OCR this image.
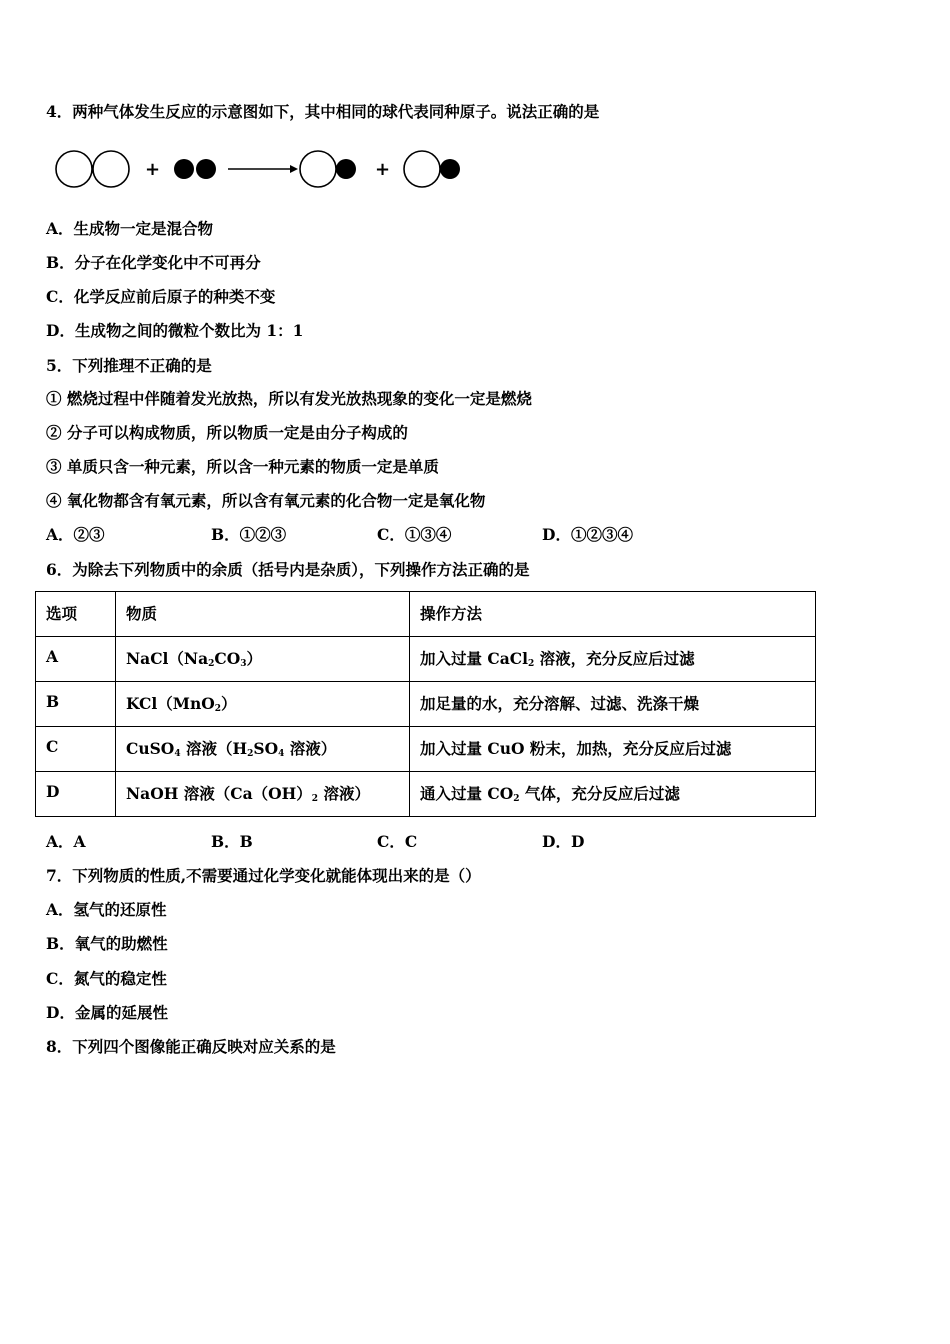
4．两种气体发生反应的示意图如下，其中相同的球代表同种原子。说法正确的是
+	+
A．生成物一定是混合物
B．分子在化学变化中不可再分
C．化学反应前后原子的种类不变
D．生成物之间的微粒个数比为 1：1
5．下列推理不正确的是
① 燃烧过程中伴随着发光放热，所以有发光放热现象的变化一定是燃烧
② 分子可以构成物质，所以物质一定是由分子构成的
③ 单质只含一种元素，所以含一种元素的物质一定是单质
④ 氧化物都含有氧元素，所以含有氧元素的化合物一定是氧化物
A．②③	B．①②③	C．①③④	D．①②③④
6．为除去下列物质中的余质（括号内是杂质），下列操作方法正确的是
选项	物质	操作方法
A	$NaCl(Na_2CO_3)$	加入过量 CaCl$_2$ 溶液，充分反应后过滤
B	KCl（MnO$_2$）	加足量的水，充分溶解、过滤、洗涤干燥
C	CuSO$_4$ 溶液（$H_2SO_4$ 溶液）	加入过量 CuO 粉末，加热，充分反应后过滤
D	NaOH 溶液（$Ca(OH)_2$ 溶液）	通入过量 $CO_2$ 气体，充分反应后过滤
A．A	B．B	C．C	D．D
7．下列物质的性质,不需要通过化学变化就能体现出来的是（）
A．氢气的还原性
B．氧气的助燃性
C．氮气的稳定性
D．金属的延展性
8．下列四个图像能正确反映对应关系的是
